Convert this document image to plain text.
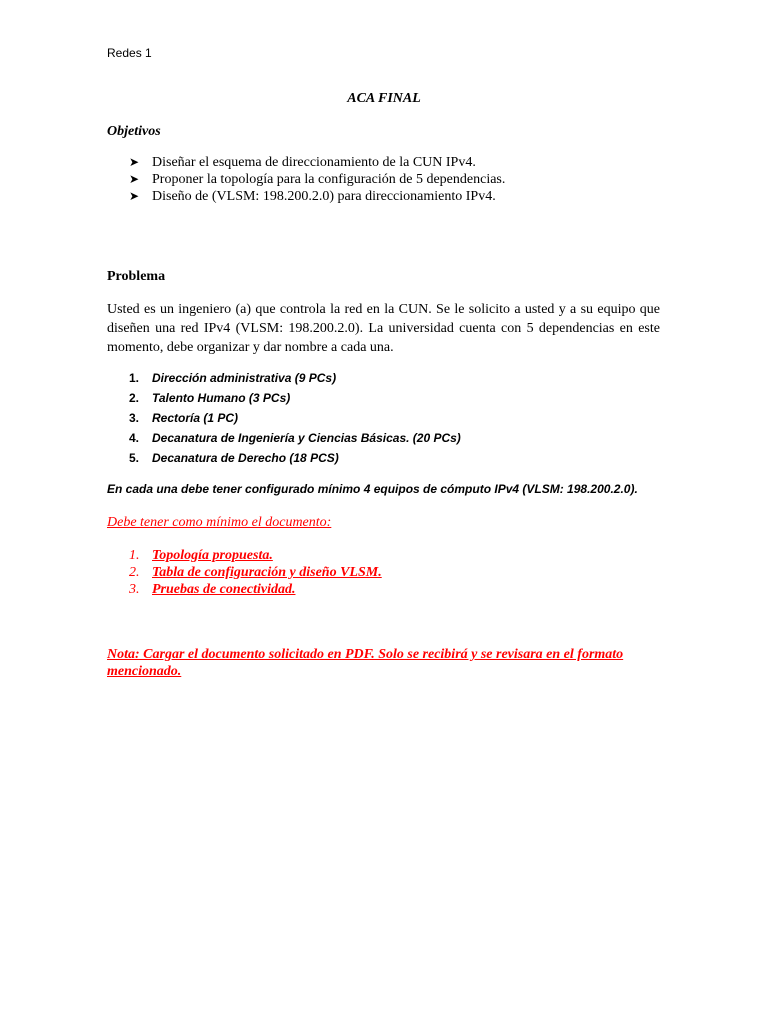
Redes 1
ACA FINAL
Objetivos
➤ Diseñar el esquema de direccionamiento de la CUN IPv4.
➤ Proponer la topología para la configuración de 5 dependencias.
➤ Diseño de (VLSM: 198.200.2.0) para direccionamiento IPv4.
Problema
Usted es un ingeniero (a) que controla la red en la CUN. Se le solicito a usted y a su equipo que diseñen una red IPv4 (VLSM: 198.200.2.0). La universidad cuenta con 5 dependencias en este momento, debe organizar y dar nombre a cada una.
1. Dirección administrativa (9 PCs)
2. Talento Humano (3 PCs)
3. Rectoría (1 PC)
4. Decanatura de Ingeniería y Ciencias Básicas. (20 PCs)
5. Decanatura de Derecho (18 PCS)
En cada una debe tener configurado mínimo 4 equipos de cómputo IPv4 (VLSM: 198.200.2.0).
Debe tener como mínimo el documento:
1. Topología propuesta.
2. Tabla de configuración y diseño VLSM.
3. Pruebas de conectividad.
Nota: Cargar el documento solicitado en PDF. Solo se recibirá y se revisara en el formato mencionado.
